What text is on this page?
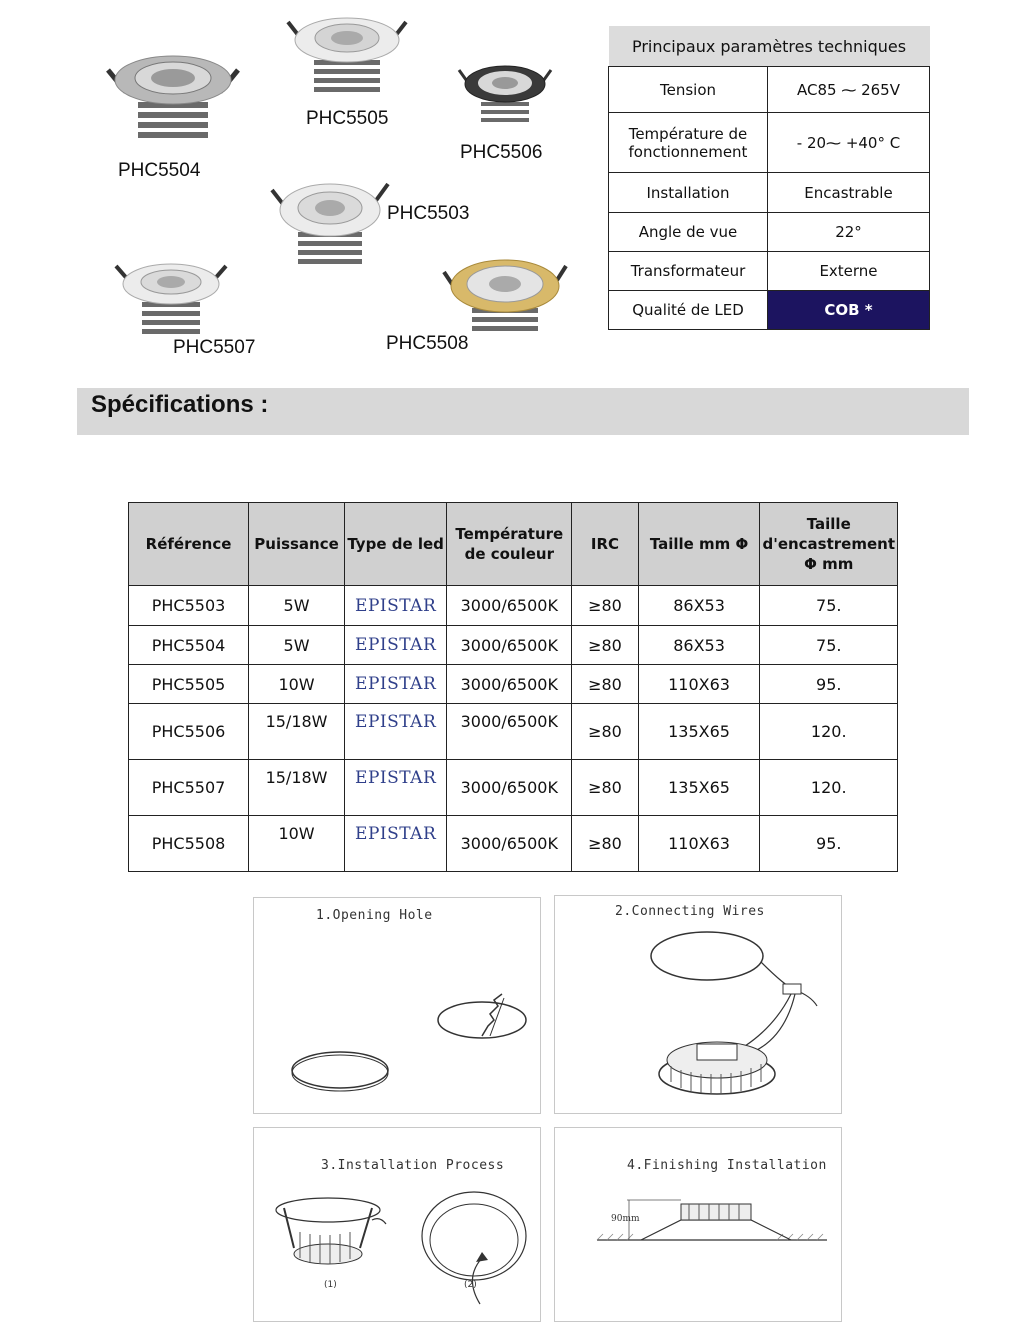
PHC5504
PHC5505
PHC5506
PHC5503
PHC5507	PHC5508
Principaux paramètres techniques	
Tension	AC85 ⁓ 265V
Température de fonctionnement	- 20⁓ +40° C
Installation	Encastrable
Angle de vue	22°
Transformateur	Externe
Qualité de LED	COB *
Spécifications :
Référence	Puissance	Type de led	Température de couleur	IRC	Taille mm Φ	Taille d'encastrement Φ mm
PHC5503	5W	EPISTAR	3000/6500K	≥80	86X53	75.
PHC5504	5W	EPISTAR	3000/6500K	≥80	86X53	75.
PHC5505	10W	EPISTAR	3000/6500K	≥80	110X63	95.
PHC5506	15/18W	EPISTAR	3000/6500K	≥80	135X65	120.
PHC5507	15/18W	EPISTAR	3000/6500K	≥80	135X65	120.
PHC5508	10W	EPISTAR	3000/6500K	≥80	110X63	95.
1.Opening Hole	2.Connecting Wires
3.Installation Process
(1)	(2)
4.Finishing Installation
90mm
